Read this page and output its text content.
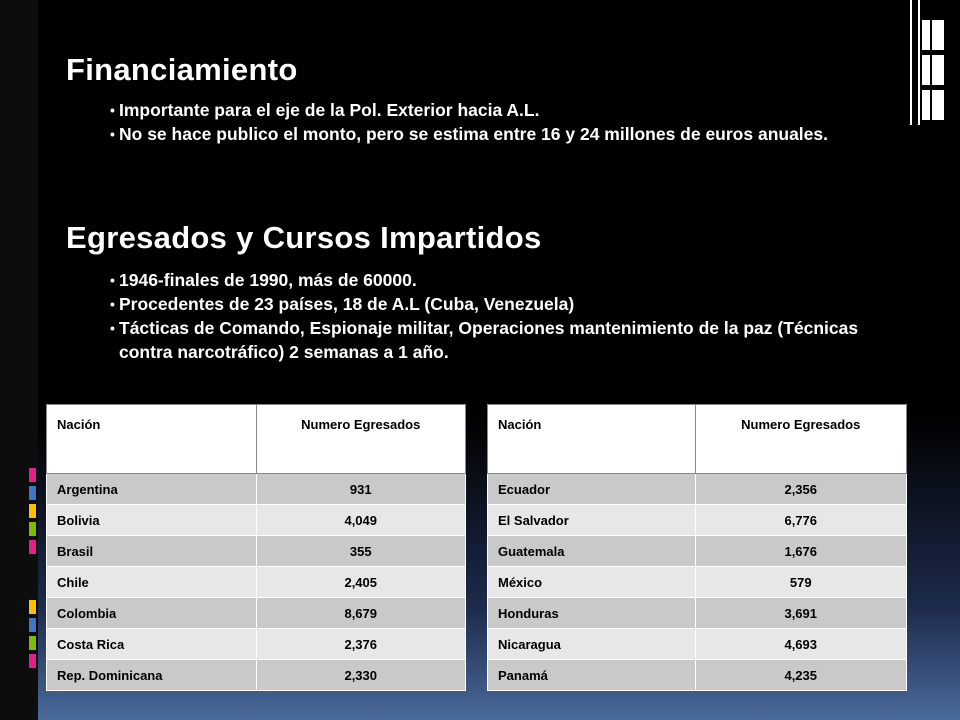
Financiamiento
• Importante para el eje de la Pol. Exterior hacia A.L.
• No se hace publico el monto, pero se estima entre 16 y 24 millones de euros anuales.
Egresados y Cursos Impartidos
• 1946-finales de 1990, más de 60000.
• Procedentes de 23 países, 18 de A.L (Cuba, Venezuela)
• Tácticas de Comando, Espionaje militar, Operaciones mantenimiento de la paz (Técnicas contra narcotráfico) 2 semanas a 1 año.
Nación	Numero Egresados
Argentina	931
Bolivia	4,049
Brasil	355
Chile	2,405
Colombia	8,679
Costa Rica	2,376
Rep. Dominicana	2,330
Nación	Numero Egresados
Ecuador	2,356
El Salvador	6,776
Guatemala	1,676
México	579
Honduras	3,691
Nicaragua	4,693
Panamá	4,235
